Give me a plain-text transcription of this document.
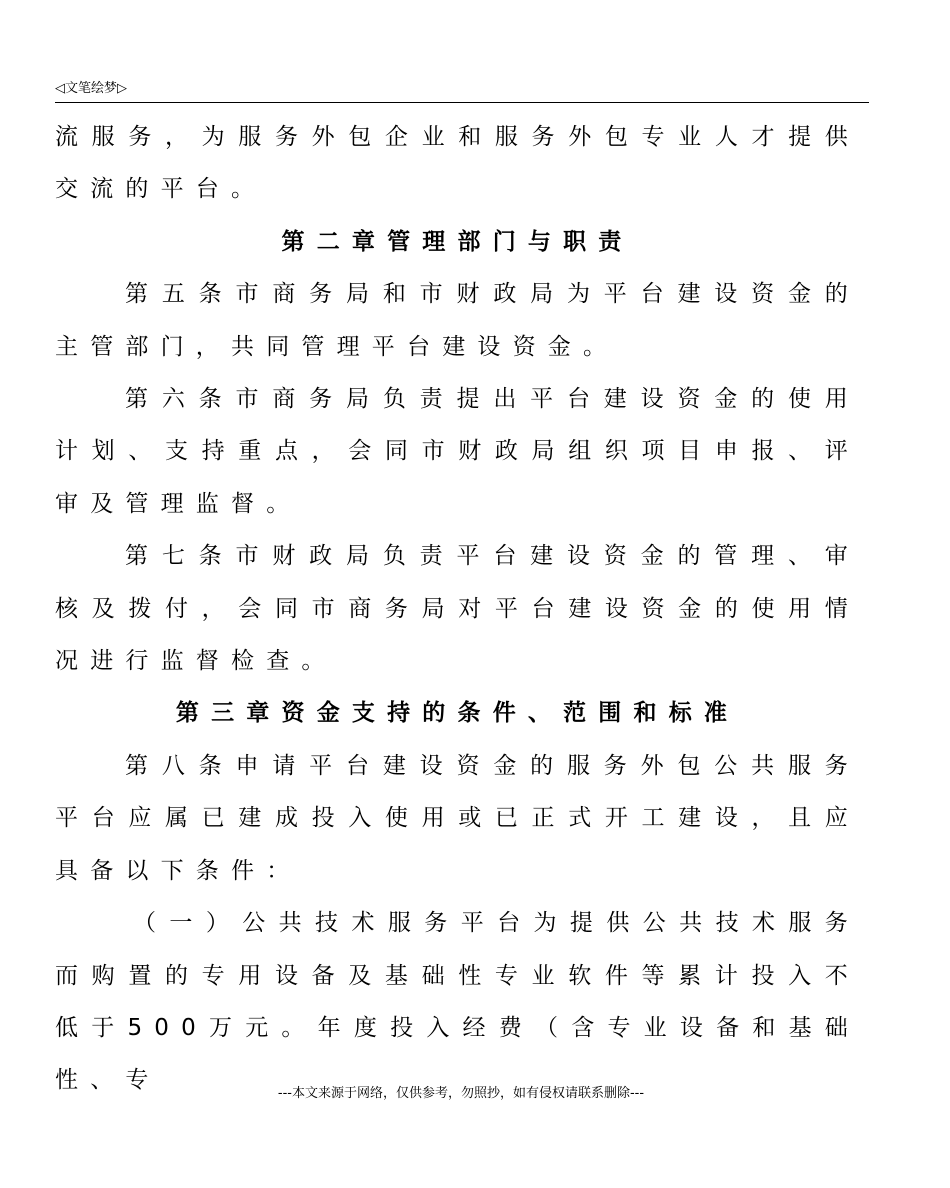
◁文笔绘梦▷

流服务，为服务外包企业和服务外包专业人才提供交流的平台。

第二章管理部门与职责

第五条市商务局和市财政局为平台建设资金的主管部门，共同管理平台建设资金。

第六条市商务局负责提出平台建设资金的使用计划、支持重点，会同市财政局组织项目申报、评审及管理监督。

第七条市财政局负责平台建设资金的管理、审核及拨付，会同市商务局对平台建设资金的使用情况进行监督检查。

第三章资金支持的条件、范围和标准

第八条申请平台建设资金的服务外包公共服务平台应属已建成投入使用或已正式开工建设，且应具备以下条件：

（一）公共技术服务平台为提供公共技术服务而购置的专用设备及基础性专业软件等累计投入不低于500万元。年度投入经费（含专业设备和基础性、专

---本文来源于网络，仅供参考，勿照抄，如有侵权请联系删除---
